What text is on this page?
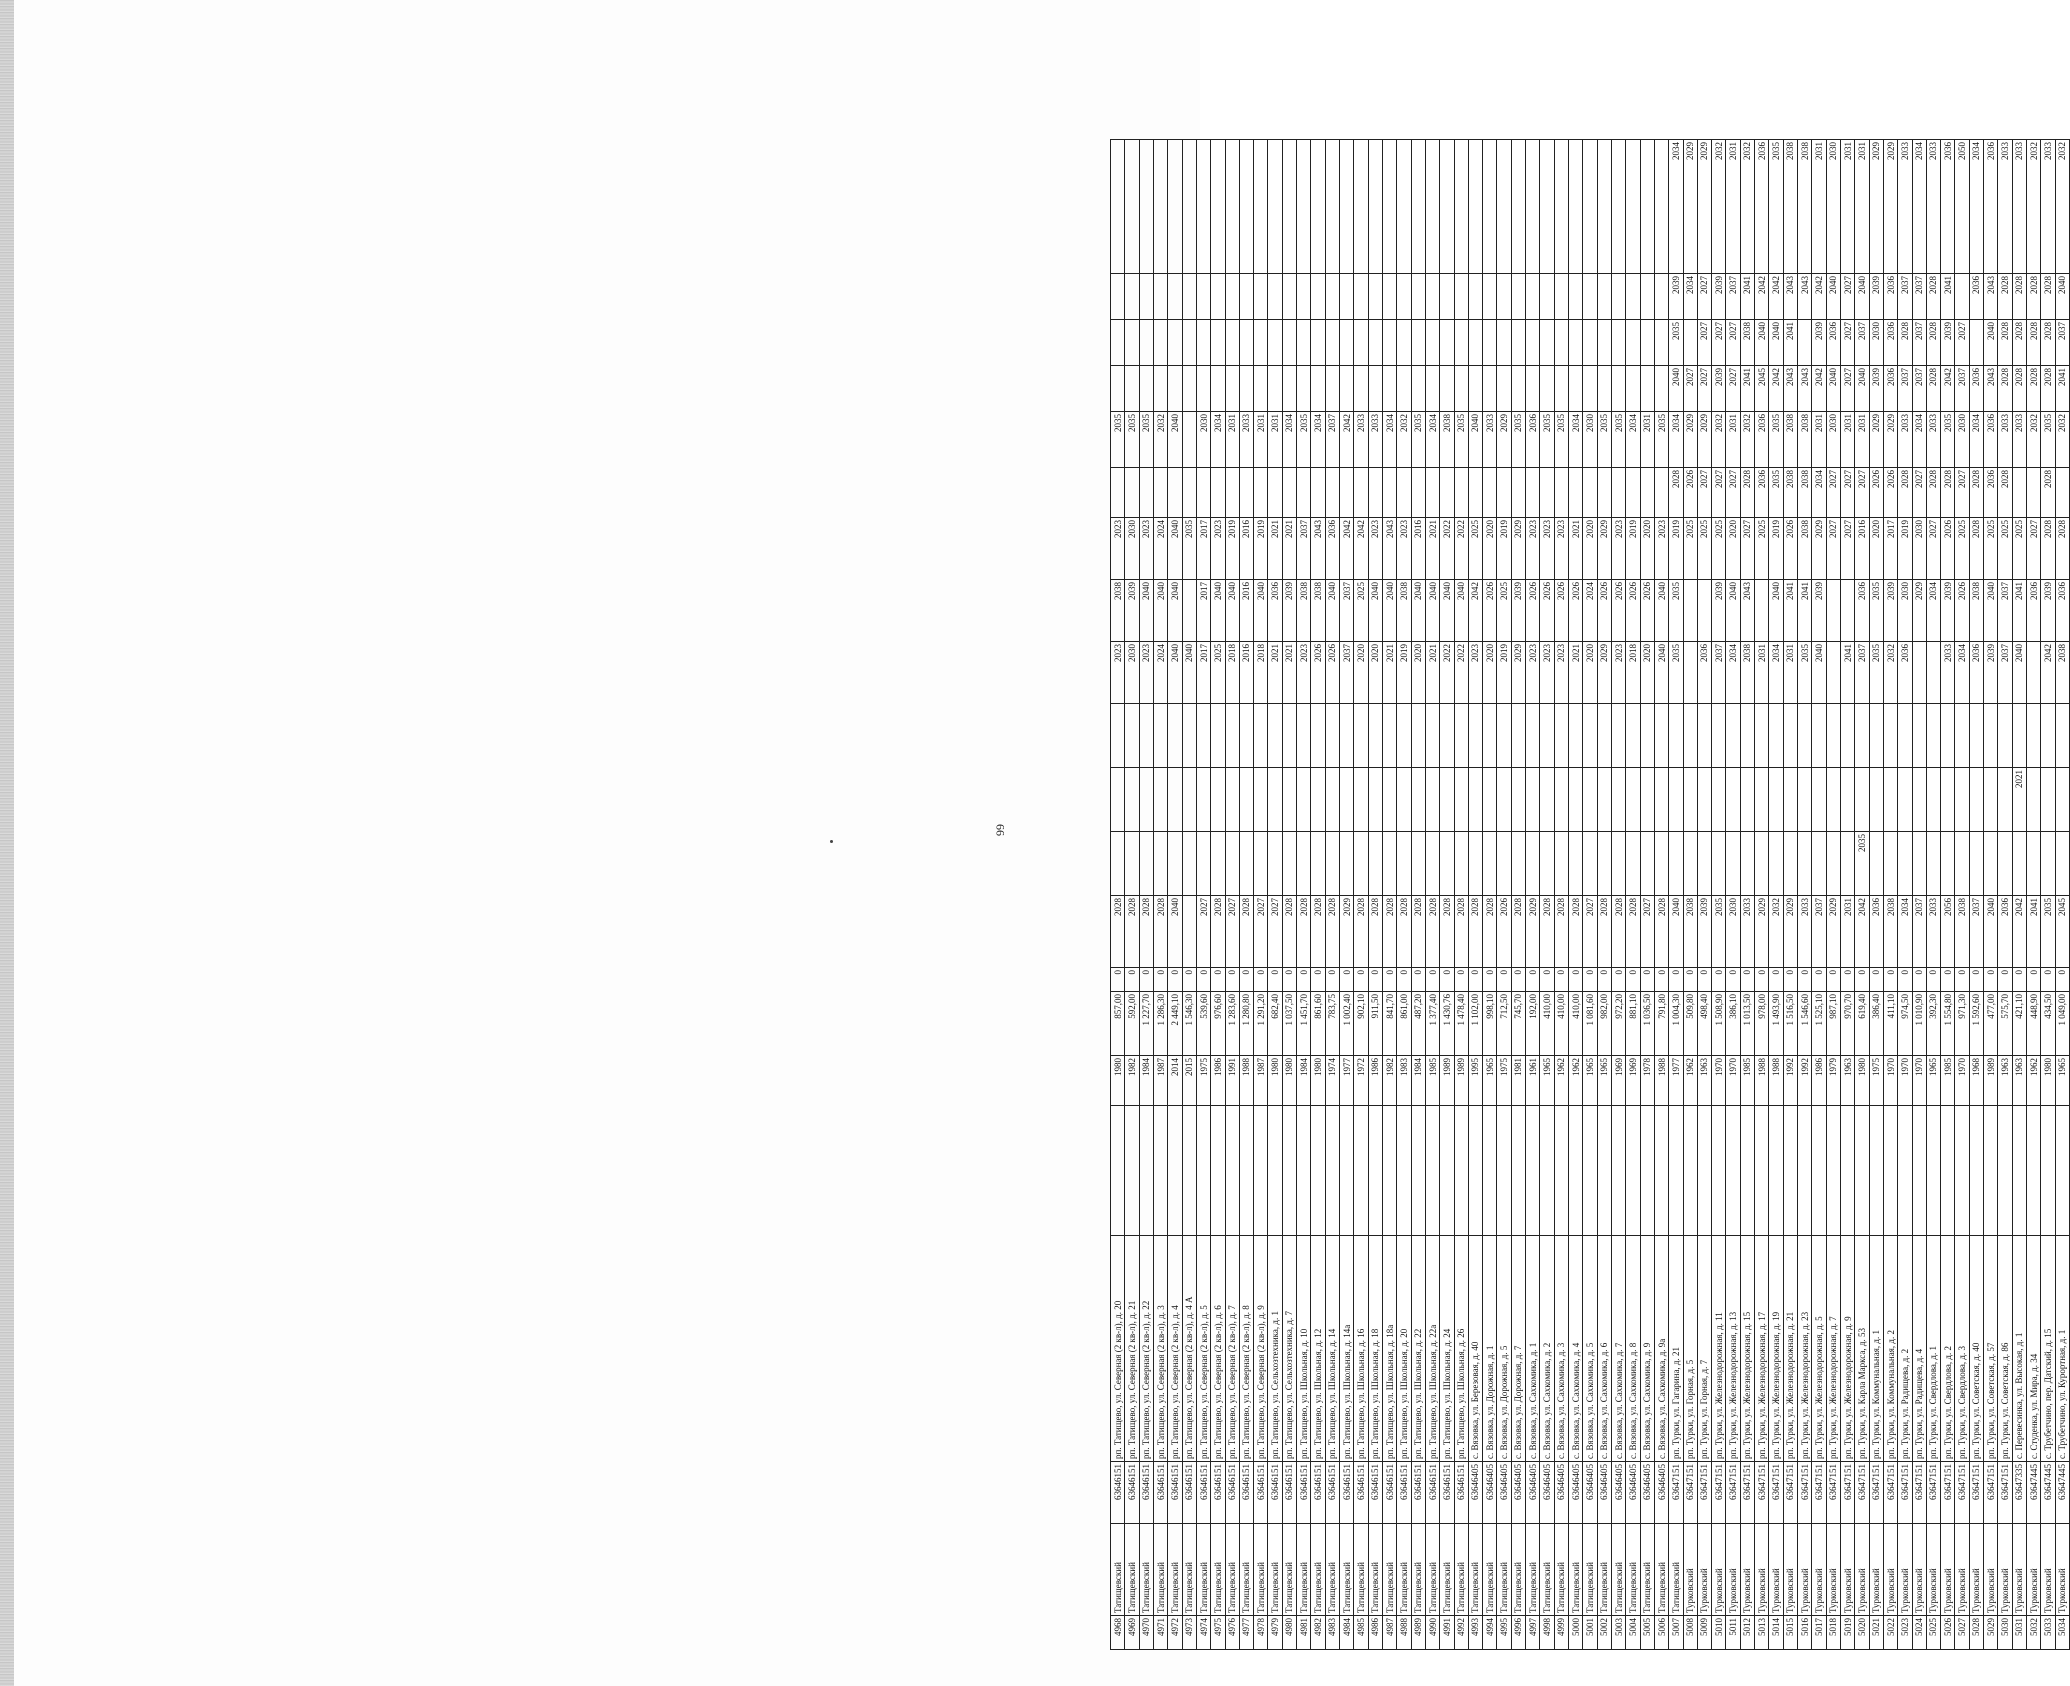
66
4968	Татищевский	63646151	рп. Татищево, ул. Северная (2 кв-л), д. 20		1980	857,00	0	2028				2023	2038	2023		2035					
4969	Татищевский	63646151	рп. Татищево, ул. Северная (2 кв-л), д. 21		1982	592,00	0	2028				2030	2039	2030		2035					
4970	Татищевский	63646151	рп. Татищево, ул. Северная (2 кв-л), д. 22		1984	1 227,70	0	2028				2023	2040	2023		2035					
4971	Татищевский	63646151	рп. Татищево, ул. Северная (2 кв-л), д. 3		1987	1 286,30	0	2028				2024	2040	2024		2032					
4972	Татищевский	63646151	рп. Татищево, ул. Северная (2 кв-л), д. 4		2014	2 449,10	0	2040				2040	2040	2040		2040					
4973	Татищевский	63646151	рп. Татищево, ул. Северная (2 кв-л), д. 4 А		2015	1 546,30	0					2040		2035							
4974	Татищевский	63646151	рп. Татищево, ул. Северная (2 кв-л), д. 5		1975	539,60	0	2027				2017	2017	2017		2030					
4975	Татищевский	63646151	рп. Татищево, ул. Северная (2 кв-л), д. 6		1986	976,60	0	2028				2025	2040	2023		2034					
4976	Татищевский	63646151	рп. Татищево, ул. Северная (2 кв-л), д. 7		1991	1 283,60	0	2027				2018	2040	2019		2031					
4977	Татищевский	63646151	рп. Татищево, ул. Северная (2 кв-л), д. 8		1988	1 280,80	0	2028				2016	2016	2016		2033					
4978	Татищевский	63646151	рп. Татищево, ул. Северная (2 кв-л), д. 9		1987	1 291,20	0	2027				2018	2040	2019		2031					
4979	Татищевский	63646151	рп. Татищево, ул. Сельхозтехника, д. 1		1980	682,40	0	2027				2021	2036	2021		2031					
4980	Татищевский	63646151	рп. Татищево, ул. Сельхозтехника, д. 7		1980	1 037,50	0	2028				2021	2039	2021		2034					
4981	Татищевский	63646151	рп. Татищево, ул. Школьная, д. 10		1984	1 451,70	0	2028				2023	2038	2037		2035					
4982	Татищевский	63646151	рп. Татищево, ул. Школьная, д. 12		1980	861,60	0	2028				2026	2038	2043		2034					
4983	Татищевский	63646151	рп. Татищево, ул. Школьная, д. 14		1974	783,75	0	2028				2026	2040	2036		2037					
4984	Татищевский	63646151	рп. Татищево, ул. Школьная, д. 14а		1977	1 002,40	0	2029				2037	2037	2042		2042					
4985	Татищевский	63646151	рп. Татищево, ул. Школьная, д. 16		1972	902,10	0	2028				2020	2025	2042		2033					
4986	Татищевский	63646151	рп. Татищево, ул. Школьная, д. 18		1986	911,50	0	2028				2020	2040	2023		2033					
4987	Татищевский	63646151	рп. Татищево, ул. Школьная, д. 18а		1982	841,70	0	2028				2021	2040	2043		2034					
4988	Татищевский	63646151	рп. Татищево, ул. Школьная, д. 20		1983	861,00	0	2028				2019	2038	2023		2032					
4989	Татищевский	63646151	рп. Татищево, ул. Школьная, д. 22		1984	487,20	0	2028				2020	2040	2016		2035					
4990	Татищевский	63646151	рп. Татищево, ул. Школьная, д. 22а		1985	1 377,40	0	2028				2021	2040	2021		2034					
4991	Татищевский	63646151	рп. Татищево, ул. Школьная, д. 24		1989	1 430,76	0	2028				2022	2040	2022		2038					
4992	Татищевский	63646151	рп. Татищево, ул. Школьная, д. 26		1989	1 478,40	0	2028				2022	2040	2022		2035					
4993	Татищевский	63646405	с. Вязовка, ул. Березовая, д. 40		1995	1 102,00	0	2028				2023	2042	2025		2040					
4994	Татищевский	63646405	с. Вязовка, ул. Дорожная, д. 1		1965	998,10	0	2028				2020	2026	2020		2033					
4995	Татищевский	63646405	с. Вязовка, ул. Дорожная, д. 5		1975	712,50	0	2026				2019	2025	2019		2029					
4996	Татищевский	63646405	с. Вязовка, ул. Дорожная, д. 7		1981	745,70	0	2028				2029	2039	2029		2035					
4997	Татищевский	63646405	с. Вязовка, ул. Сахкомика, д. 1		1961	192,00	0	2029				2023	2026	2023		2036					
4998	Татищевский	63646405	с. Вязовка, ул. Сахкомика, д. 2		1965	410,00	0	2028				2023	2026	2023		2035					
4999	Татищевский	63646405	с. Вязовка, ул. Сахкомика, д. 3		1962	410,00	0	2028				2023	2026	2023		2035					
5000	Татищевский	63646405	с. Вязовка, ул. Сахкомика, д. 4		1962	410,00	0	2028				2021	2026	2021		2034					
5001	Татищевский	63646405	с. Вязовка, ул. Сахкомика, д. 5		1965	1 081,60	0	2027				2020	2024	2020		2030					
5002	Татищевский	63646405	с. Вязовка, ул. Сахкомика, д. 6		1965	982,00	0	2028				2029	2026	2029		2035					
5003	Татищевский	63646405	с. Вязовка, ул. Сахкомика, д. 7		1969	972,20	0	2028				2023	2026	2023		2035					
5004	Татищевский	63646405	с. Вязовка, ул. Сахкомика, д. 8		1969	881,10	0	2028				2018	2026	2019		2034					
5005	Татищевский	63646405	с. Вязовка, ул. Сахкомика, д. 9		1978	1 036,50	0	2027				2020	2026	2020		2031					
5006	Татищевский	63646405	с. Вязовка, ул. Сахкомика, д. 9а		1988	791,80	0	2028				2040	2040	2023		2035					
5007	Татищевский	63647151	рп. Турки, ул. Гагарина, д. 21		1977	1 004,30	0	2040				2035	2035	2019	2028	2034	2040	2035	2039	2034	
5008	Турковский	63647151	рп. Турки, ул. Горная, д. 5		1962	509,80	0	2038						2025	2026	2029	2027		2034	2029	
5009	Турковский	63647151	рп. Турки, ул. Горная, д. 7		1963	498,40	0	2039				2036		2025	2027	2029	2027	2027	2027	2029	
5010	Турковский	63647151	рп. Турки, ул. Железнодорожная, д. 11		1970	1 508,90	0	2035				2037	2039	2025	2027	2032	2039	2027	2039	2032	
5011	Турковский	63647151	рп. Турки, ул. Железнодорожная, д. 13		1970	386,10	0	2030				2034	2040	2020	2027	2031	2027	2027	2037	2031	
5012	Турковский	63647151	рп. Турки, ул. Железнодорожная, д. 15		1985	1 013,50	0	2033				2038	2043	2027	2028	2032	2041	2038	2041	2032	
5013	Турковский	63647151	рп. Турки, ул. Железнодорожная, д. 17		1988	978,00	0	2029				2031		2025	2036	2036	2045	2040	2042	2036	
5014	Турковский	63647151	рп. Турки, ул. Железнодорожная, д. 19		1988	1 493,90	0	2032				2034	2040	2019	2035	2035	2042	2040	2042	2035	
5015	Турковский	63647151	рп. Турки, ул. Железнодорожная, д. 21		1992	1 516,50	0	2029				2031	2041	2026	2038	2038	2043	2041	2043	2038	
5016	Турковский	63647151	рп. Турки, ул. Железнодорожная, д. 23		1992	1 546,60	0	2033				2035	2041	2038	2038	2038	2043		2043	2038	
5017	Турковский	63647151	рп. Турки, ул. Железнодорожная, д. 5		1986	1 525,10	0	2037				2040	2039	2029	2034	2031	2042	2039	2042	2031	
5018	Турковский	63647151	рп. Турки, ул. Железнодорожная, д. 7		1979	987,10	0	2029						2027	2027	2030	2040	2036	2040	2030	
5019	Турковский	63647151	рп. Турки, ул. Железнодорожная, д. 9		1963	970,70	0	2031				2041		2027	2027	2031	2027	2027	2027	2031	
5020	Турковский	63647151	рп. Турки, ул. Карла Маркса, д. 53		1980	619,40	0	2042	2035			2037	2036	2016	2027	2031	2040	2037	2040	2031	
5021	Турковский	63647151	рп. Турки, ул. Коммунальная, д. 1		1975	386,40	0	2036				2035	2035	2020	2026	2029	2039	2030	2039	2029	
5022	Турковский	63647151	рп. Турки, ул. Коммунальная, д. 2		1970	411,10	0	2038				2032	2039	2017	2026	2029	2036	2036	2036	2029	
5023	Турковский	63647151	рп. Турки, ул. Радищева, д. 2		1970	974,50	0	2034				2036	2030	2019	2028	2033	2037	2028	2037	2033	
5024	Турковский	63647151	рп. Турки, ул. Радищева, д. 4		1970	1 010,90	0	2037					2029	2030	2027	2034	2037	2037	2037	2034	
5025	Турковский	63647151	рп. Турки, ул. Свердлова, д. 1		1965	392,30	0	2033					2034	2027	2028	2033	2028	2028	2028	2033	
5026	Турковский	63647151	рп. Турки, ул. Свердлова, д. 2		1985	1 554,80	0	2056				2033	2039	2026	2028	2035	2042	2039	2041	2036	
5027	Турковский	63647151	рп. Турки, ул. Свердлова, д. 3		1970	971,30	0	2038				2034	2026	2025	2027	2030	2037	2027		2050	
5028	Турковский	63647151	рп. Турки, ул. Советская, д. 40		1968	1 592,60	0	2037				2036	2038	2028	2028	2034	2036		2036	2034	
5029	Турковский	63647151	рп. Турки, ул. Советская, д. 57		1989	477,00	0	2040				2039	2040	2025	2036	2036	2043	2040	2043	2036	
5030	Турковский	63647151	рп. Турки, ул. Советская, д. 86		1963	575,70	0	2036				2037	2037	2025	2028	2033	2028	2028	2028	2033	
5031	Турковский	63647335	с. Перевесинка, ул. Высокая, д. 1		1963	421,10	0	2042		2021		2040	2041	2025		2033	2028	2028	2028	2033	
5032	Турковский	63647445	с. Студенка, ул. Мира, д. 34		1962	448,90	0	2041					2036	2027		2032	2028	2028	2028	2032	
5033	Турковский	63647445	с. Трубетчино, пер. Датский, д. 15		1980	434,50	0	2035				2042	2039	2028	2028	2035	2028	2028	2028	2033	
5034	Турковский	63647445	с. Трубетчино, ул. Курортная, д. 1		1965	1 049,00	0	2045				2038	2036	2028		2032	2041	2037	2040	2032	
